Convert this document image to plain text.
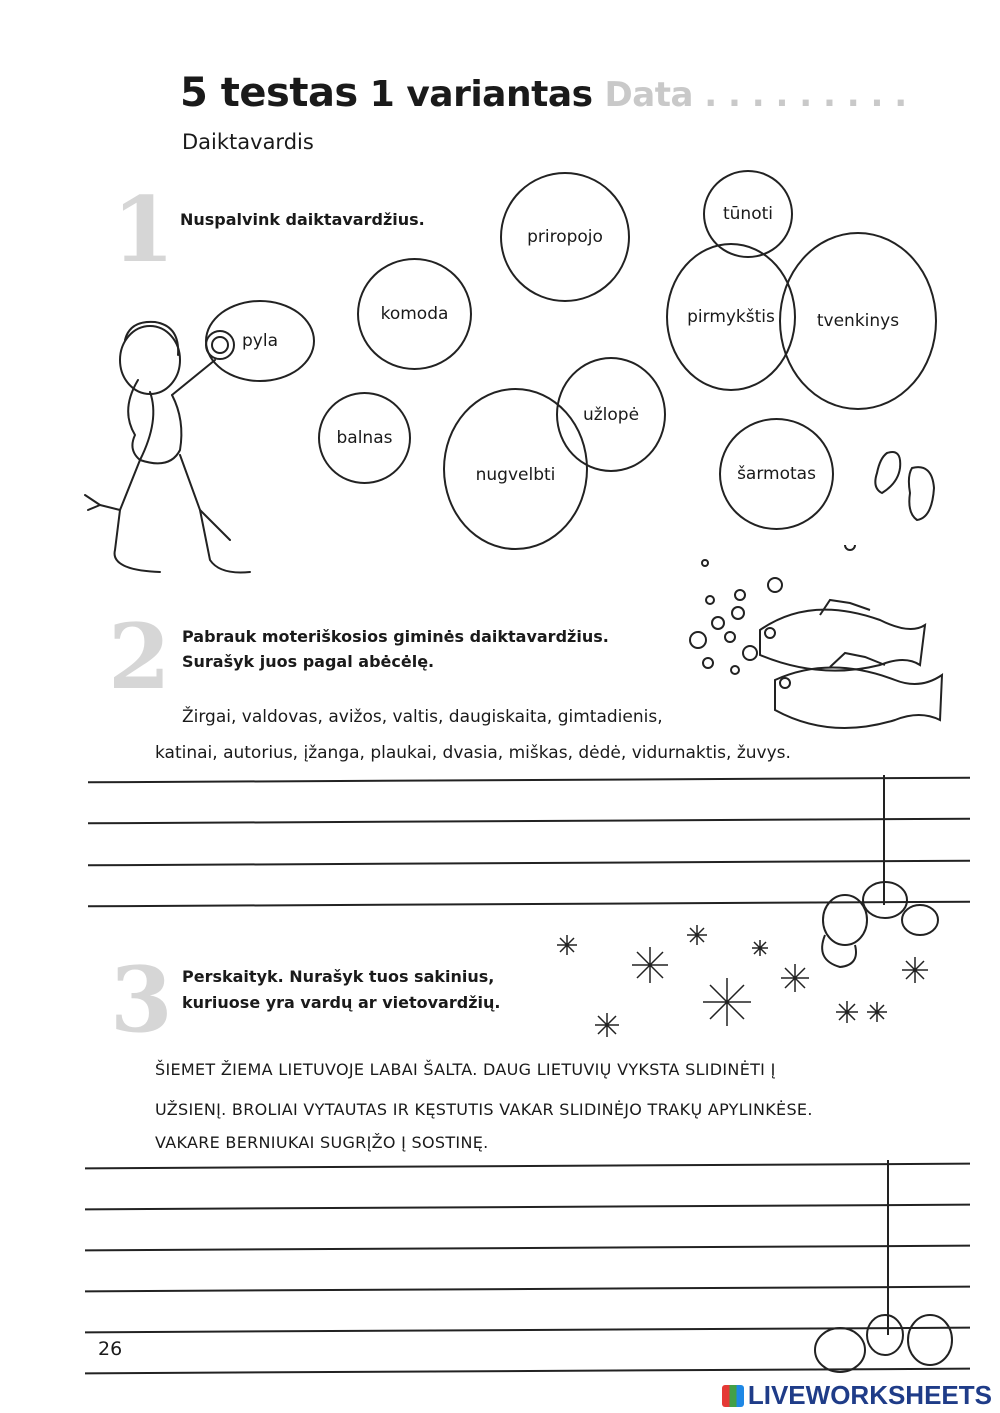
5 testas 1 variantas Data . . . . . . . . .
Daiktavardis
1 Nuspalvink daiktavardžius.
pyla
komoda
balnas
priropojo
nugvelbti
užlopė
tūnoti
pirmykštis tvenkinys
šarmotas
2 Pabrauk moteriškosios giminės daiktavardžius.
Surašyk juos pagal abėcėlę.
Žirgai, valdovas, avižos, valtis, daugiskaita, gimtadienis,
katinai, autorius, įžanga, plaukai, dvasia, miškas, dėdė, vidurnaktis, žuvys.
3 Perskaityk. Nurašyk tuos sakinius,
kuriuose yra vardų ar vietovardžių.
ŠIEMET ŽIEMA LIETUVOJE LABAI ŠALTA. DAUG LIETUVIŲ VYKSTA SLIDINĖTI Į
UŽSIENĮ. BROLIAI VYTAUTAS IR KĘSTUTIS VAKAR SLIDINĖJO TRAKŲ APYLINKĖSE.
VAKARE BERNIUKAI SUGRĮŽO Į SOSTINĘ.
26
LIVEWORKSHEETS
